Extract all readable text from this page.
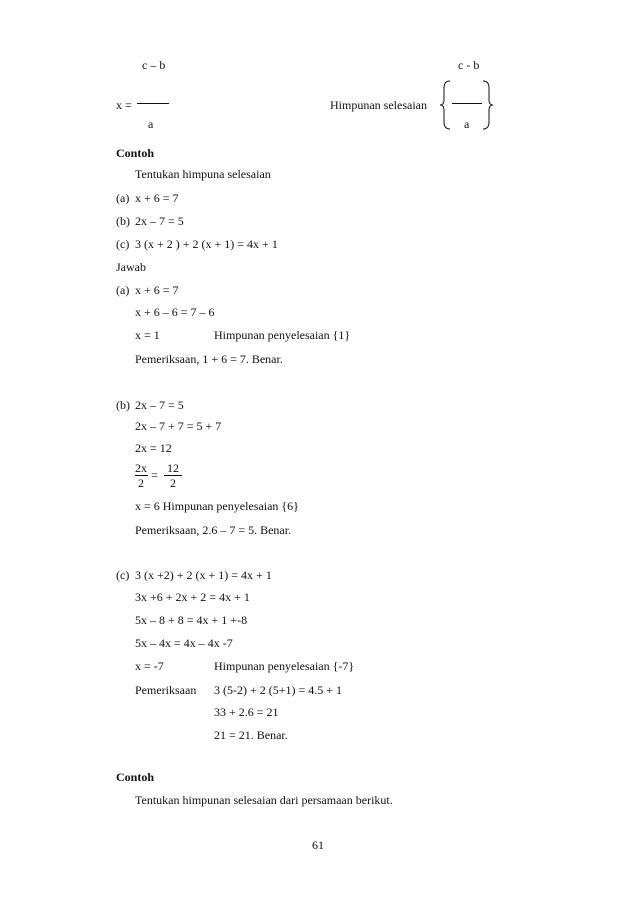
c – b
x =
a
Himpunan selesaian
c - b
a
Contoh
Tentukan himpuna selesaian
(a) x + 6 = 7
(b) 2x – 7 = 5
(c) 3 (x + 2 ) + 2 (x + 1) = 4x + 1
Jawab
(a) x + 6 = 7
x + 6 – 6 = 7 – 6
x = 1	Himpunan penyelesaian {1}
Pemeriksaan, 1 + 6 = 7. Benar.
(b) 2x – 7 = 5
2x – 7 + 7 = 5 + 7
2x = 12
2x
2
= 12
2
x = 6 Himpunan penyelesaian {6}
Pemeriksaan, 2.6 – 7 = 5. Benar.
(c) 3 (x +2) + 2 (x + 1) = 4x + 1
3x +6 + 2x + 2 = 4x + 1
5x – 8 + 8 = 4x + 1 +-8
5x – 4x = 4x – 4x -7
x = -7	Himpunan penyelesaian {-7}
Pemeriksaan 3 (5-2) + 2 (5+1) = 4.5 + 1
33 + 2.6 = 21
21 = 21. Benar.
Contoh
Tentukan himpunan selesaian dari persamaan berikut.
61
